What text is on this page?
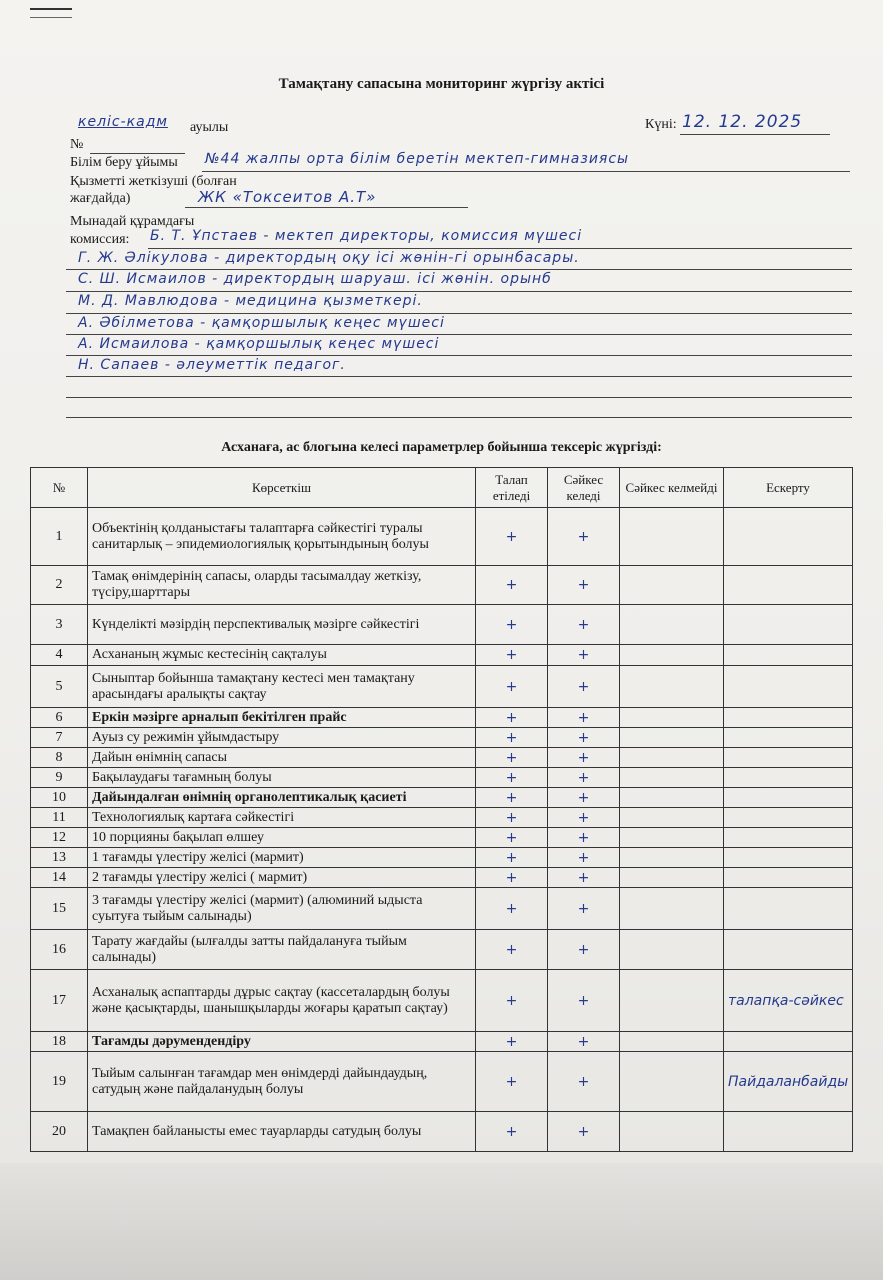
Тамақтану сапасына мониторинг жүргізу актісі
келіс-кадм ауылы	Күні: 12. 12. 2025
№
Білім беру ұйымы №44 жалпы орта білім беретін мектеп-гимназиясы
Қызметті жеткізуші (болған
жағдайда)	ЖК «Токсеитов А.Т»
Мынадай құрамдағы
комиссия: Б. Т. Ұпстаев - мектеп директоры, комиссия мүшесі
Г. Ж. Әлікулова - директордың оқу ісі жөнін-гі орынбасары.
С. Ш. Исмаилов - директордың шаруаш. ісі жөнін. орынб
М. Д. Мавлюдова - медицина қызметкері.
А. Әбілметова - қамқоршылық кеңес мүшесі
А. Исмаилова - қамқоршылық кеңес мүшесі
Н. Сапаев - әлеуметтік педагог.
Асханаға, ас блогына келесі параметрлер бойынша тексеріс жүргізді:
№	Көрсеткіш	Талап етіледі	Сәйкес келеді	Сәйкес келмейді	Ескерту
1	Объектінің қолданыстағы талаптарға сәйкестігі туралы санитарлық – эпидемиологиялық қорытындының болуы	+	+		
2	Тамақ өнімдерінің сапасы, оларды тасымалдау жеткізу, түсіру,шарттары	+	+		
3	Күнделікті мәзірдің перспективалық мәзірге сәйкестігі	+	+		
4	Асхананың жұмыс кестесінің сақталуы	+	+		
5	Сыныптар бойынша тамақтану кестесі мен тамақтану арасындағы аралықты сақтау	+	+		
6	Еркін мәзірге арналып бекітілген прайс	+	+		
7	Ауыз су режимін ұйымдастыру	+	+		
8	Дайын өнімнің сапасы	+	+		
9	Бақылаудағы тағамның болуы	+	+		
10	Дайындалған өнімнің органолептикалық қасиеті	+	+		
11	Технологиялық картаға сәйкестігі	+	+		
12	10 порцияны бақылап өлшеу	+	+		
13	1 тағамды үлестіру желісі (мармит)	+	+		
14	2 тағамды үлестіру желісі ( мармит)	+	+		
15	3 тағамды үлестіру желісі (мармит) (алюминий ыдыста суытуға тыйым салынады)	+	+		
16	Тарату жағдайы (ылғалды затты пайдалануға тыйым салынады)	+	+		
17	Асханалық аспаптарды дұрыс сақтау (кассеталардың болуы және қасықтарды, шанышқыларды жоғары қаратып сақтау)	+	+		талапқа-сәйкес
18	Тағамды дәрумендендіру	+	+		
19	Тыйым салынған тағамдар мен өнімдерді дайындаудың, сатудың және пайдаланудың болуы	+	+		Пайдаланбайды
20	Тамақпен байланысты емес тауарларды сатудың болуы	+	+		
